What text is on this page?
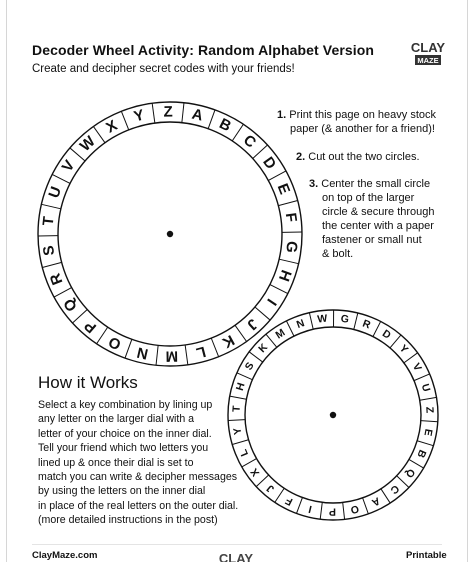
Decoder Wheel Activity: Random Alphabet Version
Create and decipher secret codes with your friends!
CLAY
MAZE
1. Print this page on heavy stock
paper (& another for a friend)!
2. Cut out the two circles.
3. Center the small circle
on top of the larger
circle & secure through
the center with a paper
fastener or small nut
& bolt.
How it Works
Select a key combination by lining up
any letter on the larger dial with a
letter of your choice on the inner dial.
Tell your friend which two letters you
lined up & once their dial is set to
match you can write & decipher messages
by using the letters on the inner dial
in place of the real letters on the outer dial.
(more detailed instructions in the post)
A B
C
D
E
F
G
H
I
J
K
L
M
N
O
P
Q
R
S
T
U
V
W
X
Y Z
G R
D
Y
V
U
Z
E
B
Q
C
A
O
P
I
F
J
X
L
Y
T
H
S
K
M
N W
ClayMaze.com	CLAY	Printable
